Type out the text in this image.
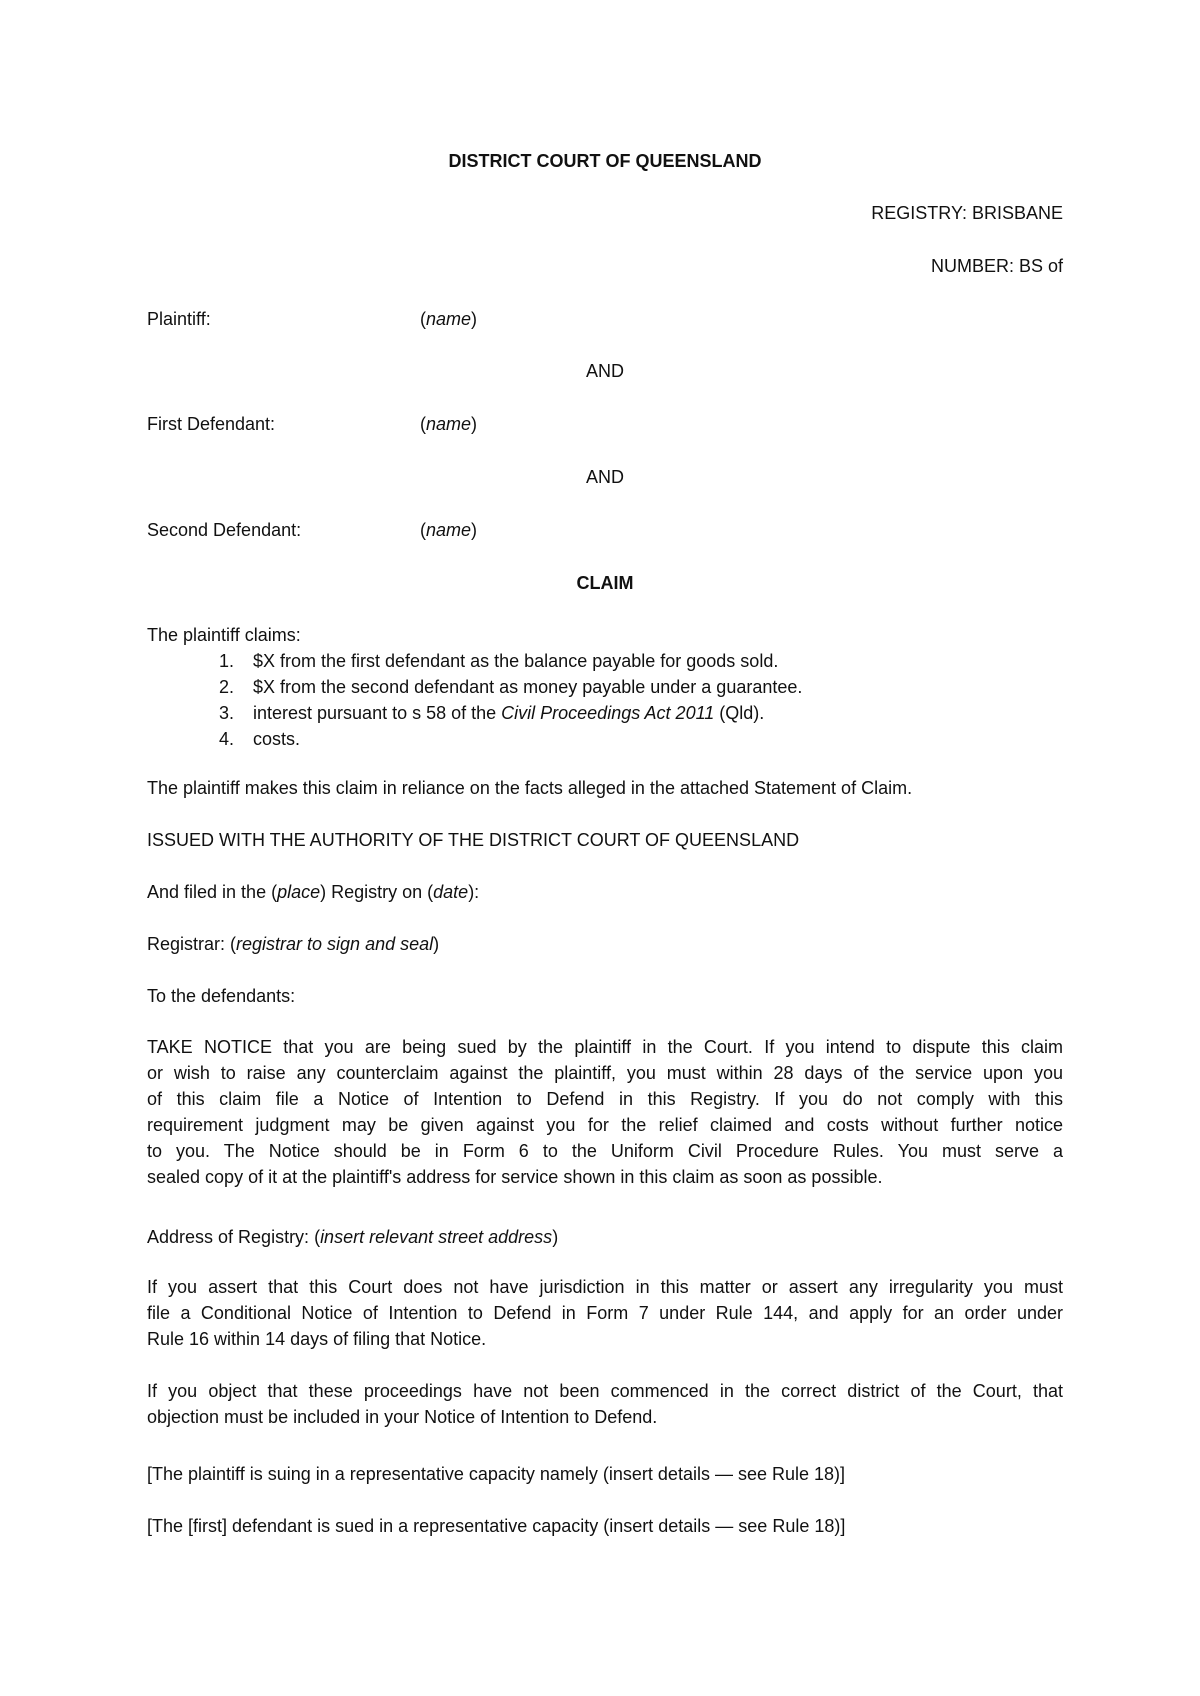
DISTRICT COURT OF QUEENSLAND
REGISTRY: BRISBANE
NUMBER: BS of
Plaintiff:	(name)
AND
First Defendant:	(name)
AND
Second Defendant:	(name)
CLAIM
The plaintiff claims:
1. $X from the first defendant as the balance payable for goods sold.
2. $X from the second defendant as money payable under a guarantee.
3. interest pursuant to s 58 of the Civil Proceedings Act 2011 (Qld).
4. costs.
The plaintiff makes this claim in reliance on the facts alleged in the attached Statement of Claim.
ISSUED WITH THE AUTHORITY OF THE DISTRICT COURT OF QUEENSLAND
And filed in the (place) Registry on (date):
Registrar: (registrar to sign and seal)
To the defendants:
TAKE NOTICE that you are being sued by the plaintiff in the Court. If you intend to dispute this claim
or wish to raise any counterclaim against the plaintiff, you must within 28 days of the service upon you
of this claim file a Notice of Intention to Defend in this Registry. If you do not comply with this
requirement judgment may be given against you for the relief claimed and costs without further notice
to you. The Notice should be in Form 6 to the Uniform Civil Procedure Rules. You must serve a
sealed copy of it at the plaintiff's address for service shown in this claim as soon as possible.
Address of Registry: (insert relevant street address)
If you assert that this Court does not have jurisdiction in this matter or assert any irregularity you must
file a Conditional Notice of Intention to Defend in Form 7 under Rule 144, and apply for an order under
Rule 16 within 14 days of filing that Notice.
If you object that these proceedings have not been commenced in the correct district of the Court, that
objection must be included in your Notice of Intention to Defend.
[The plaintiff is suing in a representative capacity namely (insert details — see Rule 18)]
[The [first] defendant is sued in a representative capacity (insert details — see Rule 18)]
